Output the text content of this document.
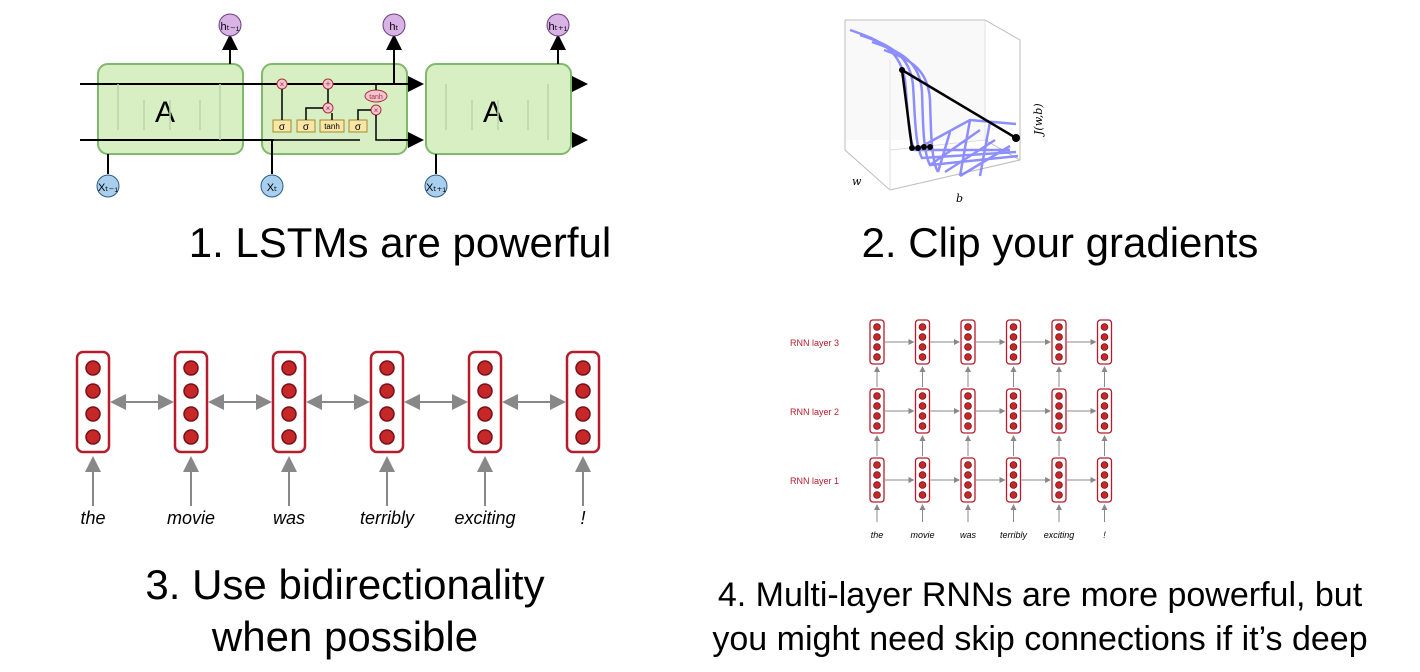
A	A
σ σ tanh σ
×	+
×
tanh
×
hₜ₋₁	hₜ	hₜ₊₁
Xₜ₋₁	Xₜ	Xₜ₊₁
1. LSTMs are powerful
w
b
J(w,b)
2. Clip your gradients
the	movie	was	terribly exciting	!
3. Use bidirectionality
when possible
RNN layer 3
RNN layer 2
RNN layer 1
the	movie	was	terribly exciting	!
4. Multi-layer RNNs are more powerful, but
you might need skip connections if it’s deep
